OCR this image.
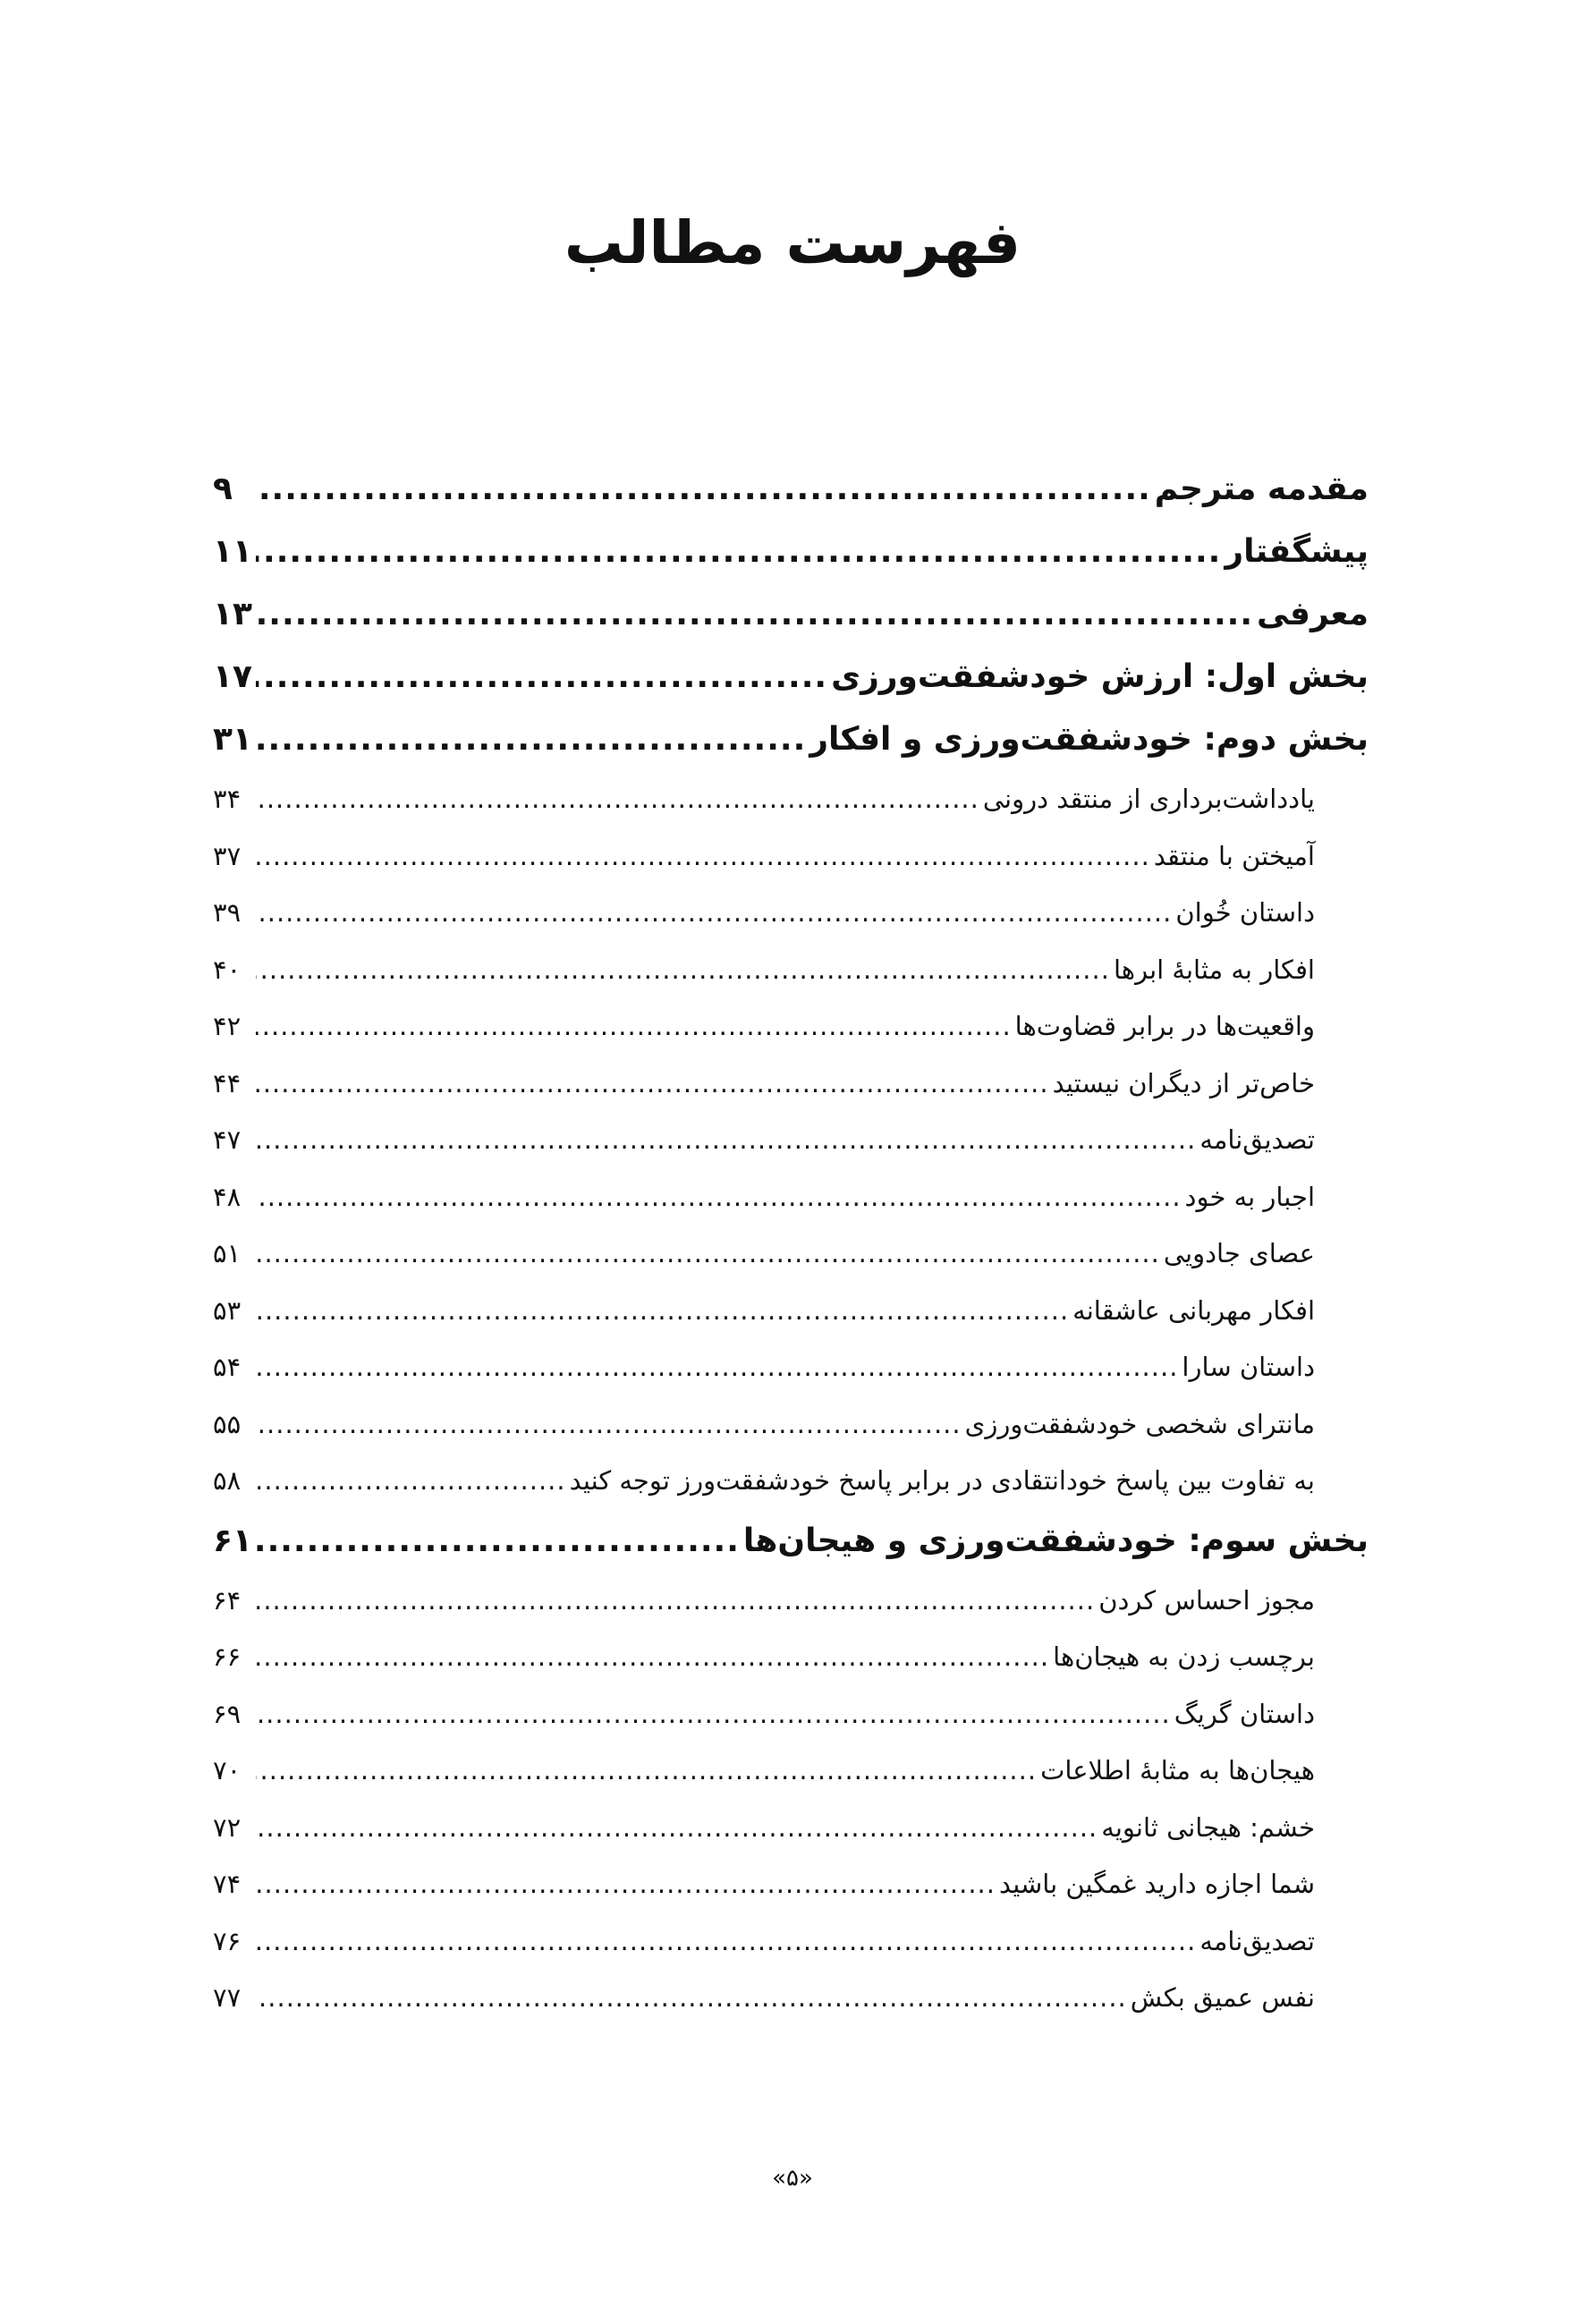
فهرست مطالب
مقدمه مترجم
.....
۹
پیشگفتار
.....
۱۱
معرفی
.....
۱۳
بخش اول: ارزش خودشفقت‌ورزی
.....
۱۷
بخش دوم: خودشفقت‌ورزی و افکار
.....
۳۱
یادداشت‌برداری از منتقد درونی
.....
۳۴
آمیختن با منتقد
.....
۳۷
داستان خُوان
.....
۳۹
افکار به مثابهٔ ابرها
.....
۴۰
واقعیت‌ها در برابر قضاوت‌ها
.....
۴۲
خاص‌تر از دیگران نیستید
.....
۴۴
تصدیق‌نامه
.....
۴۷
اجبار به خود
.....
۴۸
عصای جادویی
.....
۵۱
افکار مهربانی عاشقانه
.....
۵۳
داستان سارا
.....
۵۴
مانترای شخصی خودشفقت‌ورزی
.....
۵۵
به تفاوت بین پاسخ خودانتقادی در برابر پاسخ خودشفقت‌ورز توجه کنید
.....
۵۸
بخش سوم: خودشفقت‌ورزی و هیجان‌ها
.....
۶۱
مجوز احساس کردن
.....
۶۴
برچسب زدن به هیجان‌ها
.....
۶۶
داستان گریگ
.....
۶۹
هیجان‌ها به مثابهٔ اطلاعات
.....
۷۰
خشم: هیجانی ثانویه
.....
۷۲
شما اجازه دارید غمگین باشید
.....
۷۴
تصدیق‌نامه
.....
۷۶
نفس عمیق بکش
.....
۷۷

«۵»
